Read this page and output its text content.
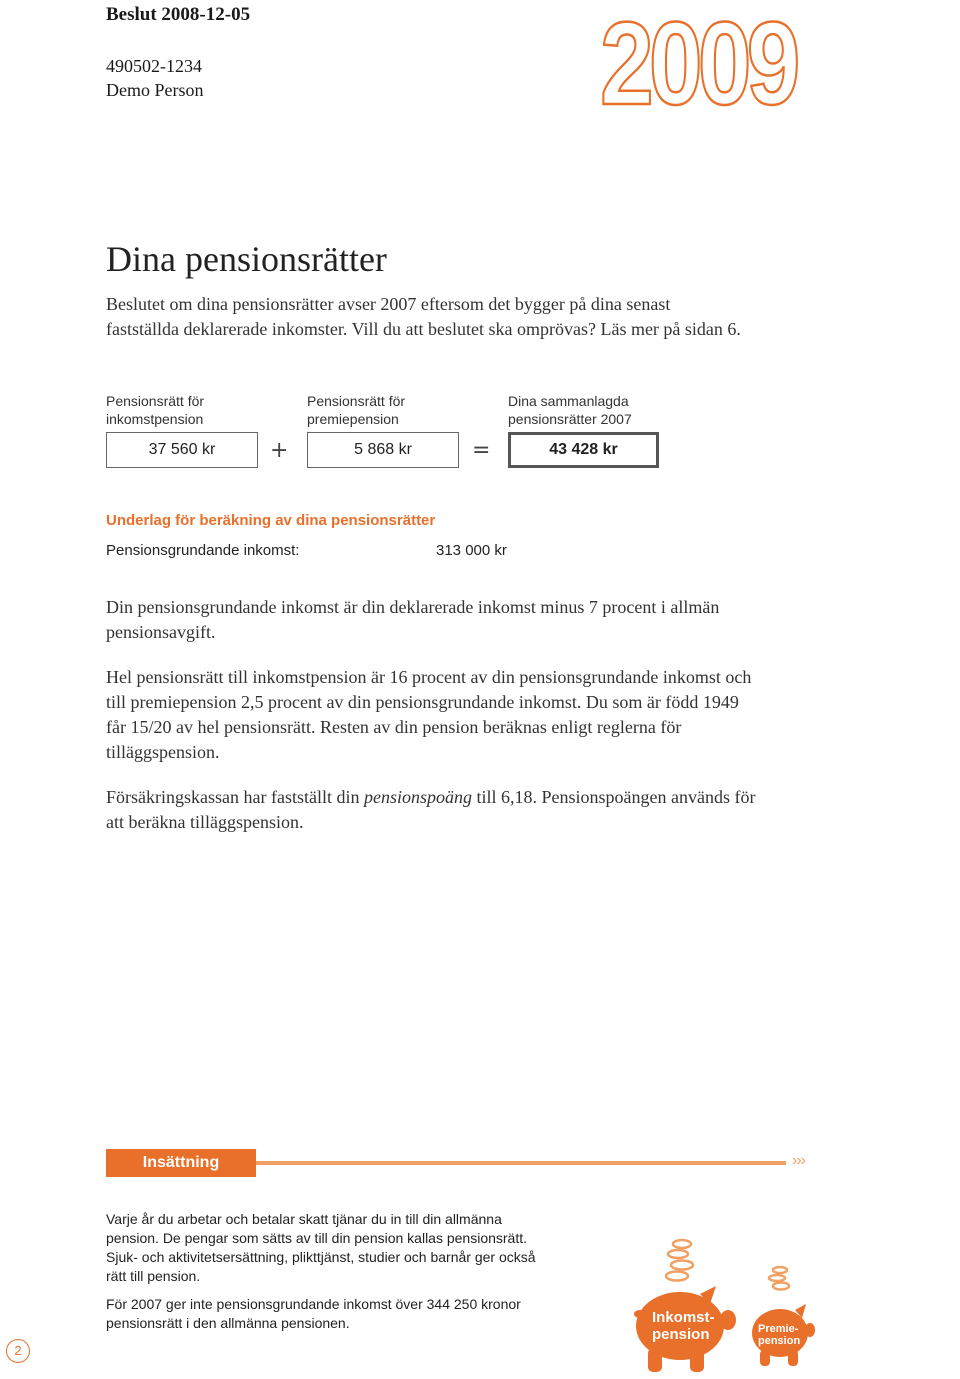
Beslut 2008-12-05
490502-1234
Demo Person	2009
Dina pensionsrätter
Beslutet om dina pensionsrätter avser 2007 eftersom det bygger på dina senast fastställda deklarerade inkomster. Vill du att beslutet ska omprövas? Läs mer på sidan 6.
Pensionsrätt för
inkomstpension
Pensionsrätt för
premiepension
Dina sammanlagda
pensionsrätter 2007
37 560 kr	+	5 868 kr	=	43 428 kr
Underlag för beräkning av dina pensionsrätter
Pensionsgrundande inkomst:	313 000 kr
Din pensionsgrundande inkomst är din deklarerade inkomst minus 7 procent i allmän pensionsavgift.
Hel pensionsrätt till inkomstpension är 16 procent av din pensionsgrundande inkomst och till premiepension 2,5 procent av din pensionsgrundande inkomst. Du som är född 1949 får 15/20 av hel pensionsrätt. Resten av din pension beräknas enligt reglerna för tilläggspension.
Försäkringskassan har fastställt din pensionspoäng till 6,18. Pensionspoängen används för att beräkna tilläggspension.
Insättning	›››
Varje år du arbetar och betalar skatt tjänar du in till din allmänna pension. De pengar som sätts av till din pension kallas pensionsrätt. Sjuk- och aktivitetsersättning, plikttjänst, studier och barnår ger också rätt till pension.
För 2007 ger inte pensionsgrundande inkomst över 344 250 kronor pensionsrätt i den allmänna pensionen.	Inkomst-
pension	Premie-
pension
2
